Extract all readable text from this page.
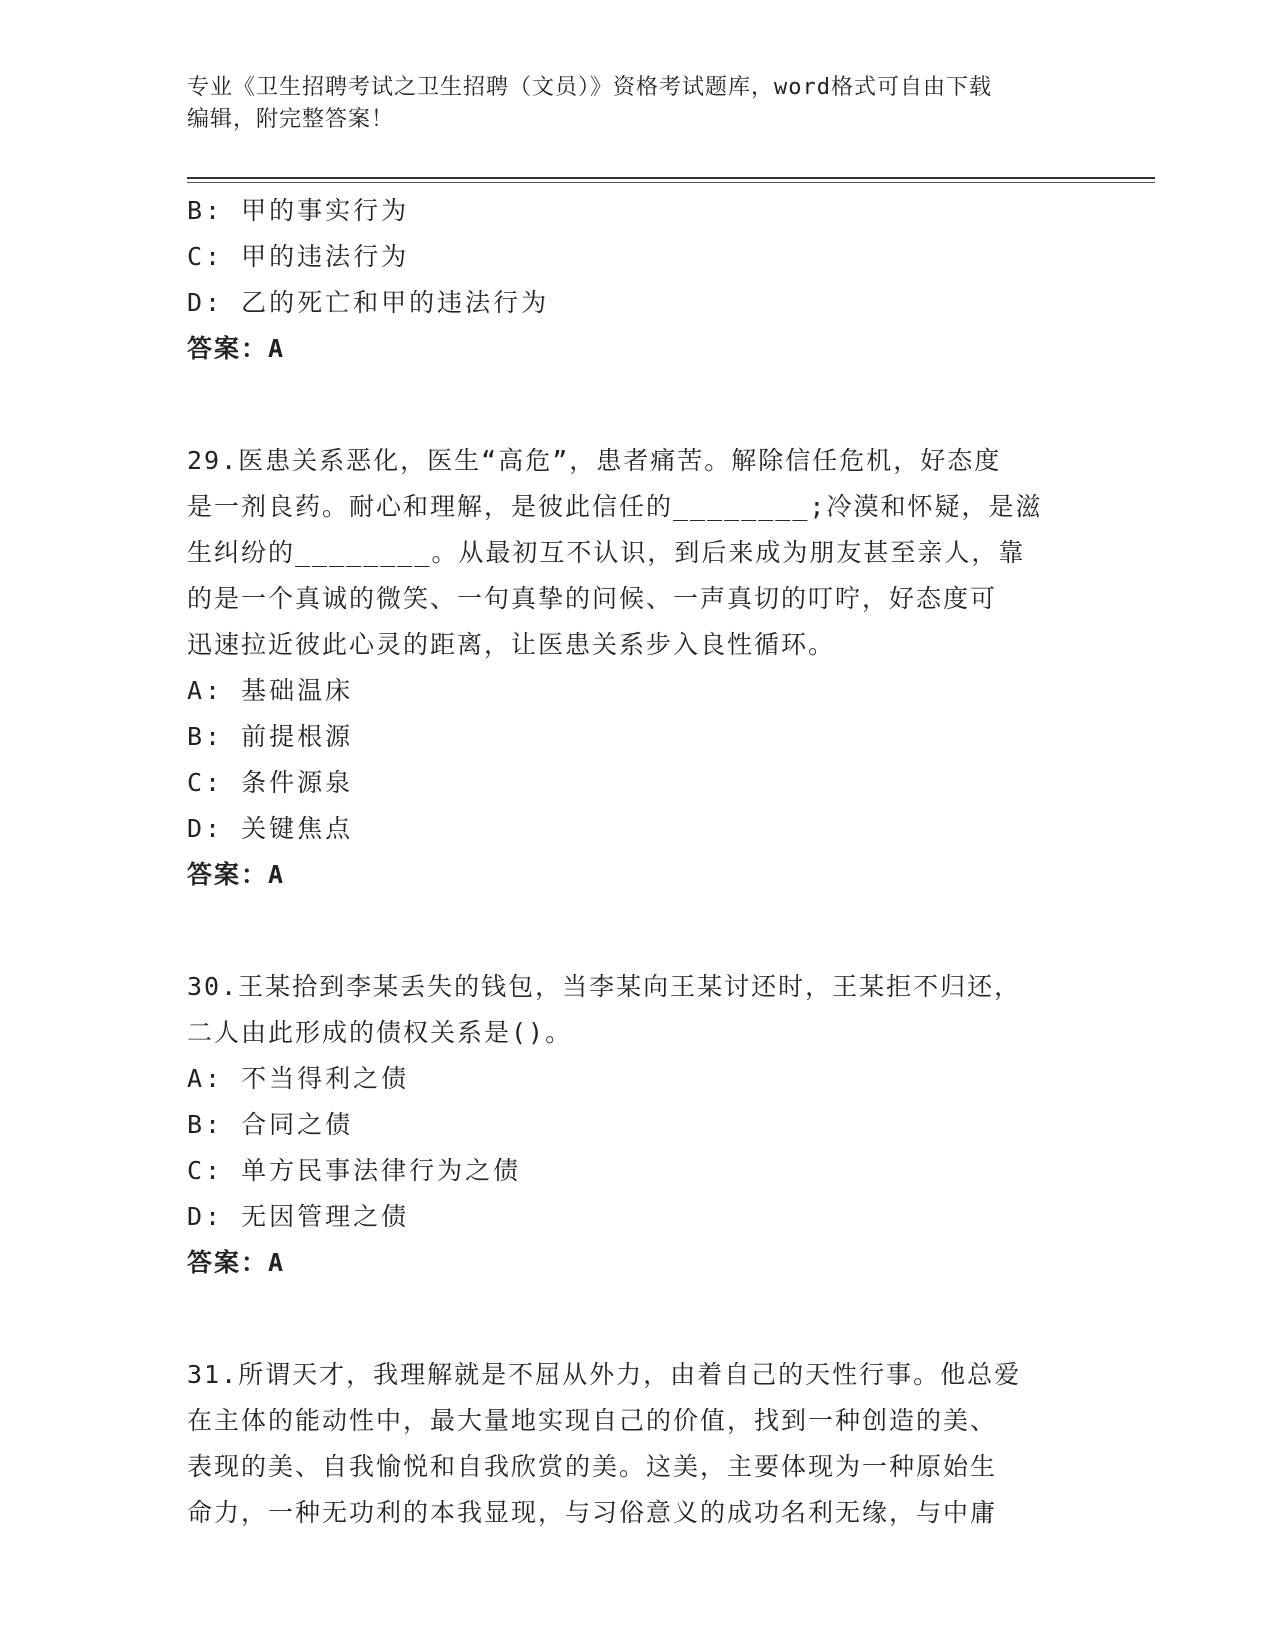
专业《卫生招聘考试之卫生招聘（文员）》资格考试题库，word格式可自由下载
编辑，附完整答案！
B: 甲的事实行为
C: 甲的违法行为
D: 乙的死亡和甲的违法行为
答案：A
29.医患关系恶化，医生“高危”，患者痛苦。解除信任危机，好态度
是一剂良药。耐心和理解，是彼此信任的________;冷漠和怀疑，是滋
生纠纷的________。从最初互不认识，到后来成为朋友甚至亲人，靠
的是一个真诚的微笑、一句真挚的问候、一声真切的叮咛，好态度可
迅速拉近彼此心灵的距离，让医患关系步入良性循环。
A: 基础温床
B: 前提根源
C: 条件源泉
D: 关键焦点
答案：A
30.王某拾到李某丢失的钱包，当李某向王某讨还时，王某拒不归还，
二人由此形成的债权关系是()。
A: 不当得利之债
B: 合同之债
C: 单方民事法律行为之债
D: 无因管理之债
答案：A
31.所谓天才，我理解就是不屈从外力，由着自己的天性行事。他总爱
在主体的能动性中，最大量地实现自己的价值，找到一种创造的美、
表现的美、自我愉悦和自我欣赏的美。这美，主要体现为一种原始生
命力，一种无功利的本我显现，与习俗意义的成功名利无缘，与中庸
